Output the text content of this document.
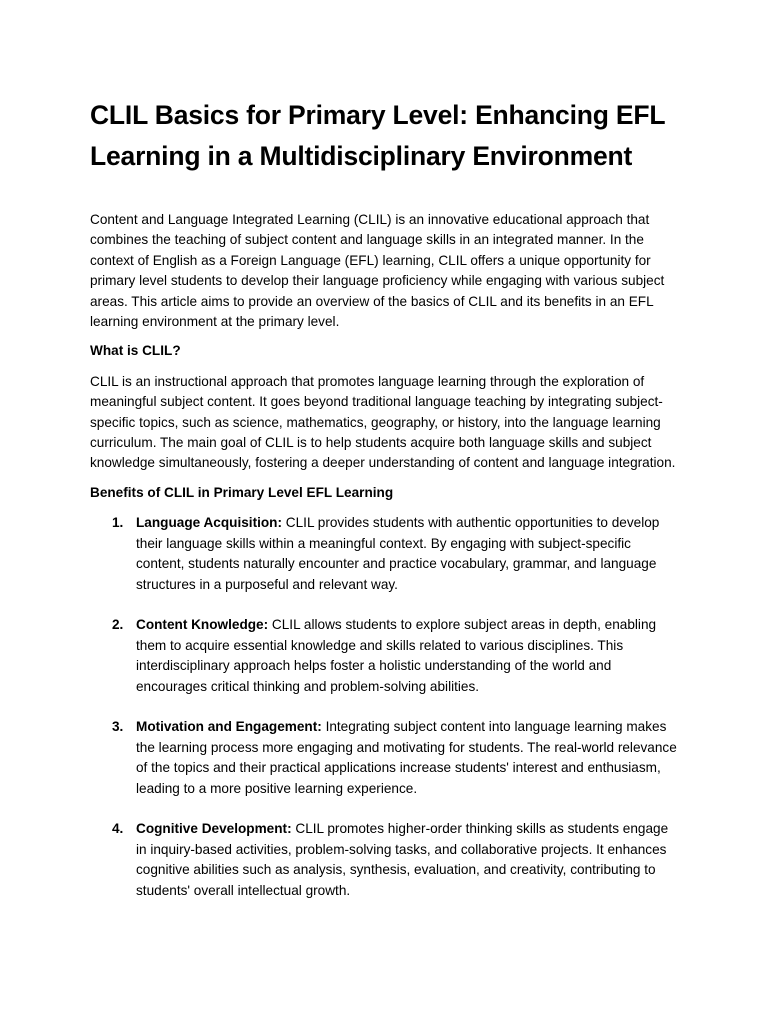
CLIL Basics for Primary Level: Enhancing EFL Learning in a Multidisciplinary Environment

Content and Language Integrated Learning (CLIL) is an innovative educational approach that combines the teaching of subject content and language skills in an integrated manner. In the context of English as a Foreign Language (EFL) learning, CLIL offers a unique opportunity for primary level students to develop their language proficiency while engaging with various subject areas. This article aims to provide an overview of the basics of CLIL and its benefits in an EFL learning environment at the primary level.

What is CLIL?

CLIL is an instructional approach that promotes language learning through the exploration of meaningful subject content. It goes beyond traditional language teaching by integrating subject-specific topics, such as science, mathematics, geography, or history, into the language learning curriculum. The main goal of CLIL is to help students acquire both language skills and subject knowledge simultaneously, fostering a deeper understanding of content and language integration.

Benefits of CLIL in Primary Level EFL Learning

1. Language Acquisition: CLIL provides students with authentic opportunities to develop their language skills within a meaningful context. By engaging with subject-specific content, students naturally encounter and practice vocabulary, grammar, and language structures in a purposeful and relevant way.
2. Content Knowledge: CLIL allows students to explore subject areas in depth, enabling them to acquire essential knowledge and skills related to various disciplines. This interdisciplinary approach helps foster a holistic understanding of the world and encourages critical thinking and problem-solving abilities.
3. Motivation and Engagement: Integrating subject content into language learning makes the learning process more engaging and motivating for students. The real-world relevance of the topics and their practical applications increase students' interest and enthusiasm, leading to a more positive learning experience.
4. Cognitive Development: CLIL promotes higher-order thinking skills as students engage in inquiry-based activities, problem-solving tasks, and collaborative projects. It enhances cognitive abilities such as analysis, synthesis, evaluation, and creativity, contributing to students' overall intellectual growth.
